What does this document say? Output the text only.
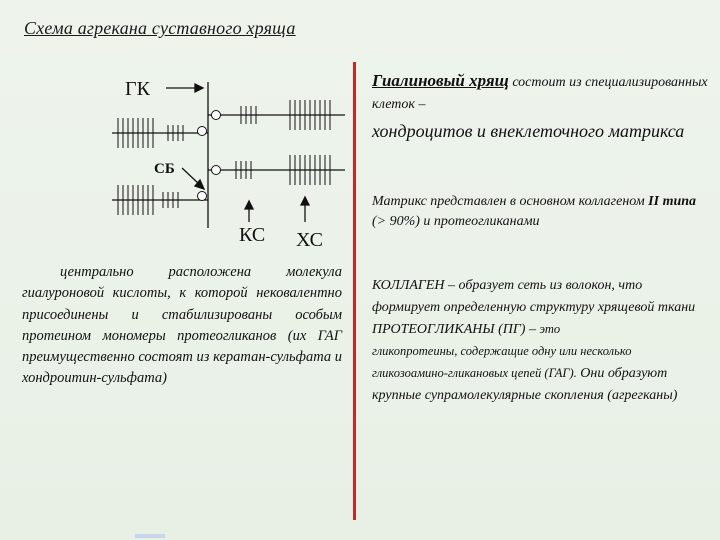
Схема агрекана суставного хряща
ГК
СБ
КС ХС

центрально расположена молекула гиалуроновой кислоты, к которой нековалентно присоединены и стабилизированы особым протеином мономеры протеогликанов (их ГАГ преимущественно состоят из кератан-сульфата и хондроитин-сульфата)

Гиалиновый хрящ состоит из специализированных клеток –
хондроцитов и внеклеточного матрикса

Матрикс представлен в основном коллагеном II типа (> 90%) и протеогликанами

КОЛЛАГЕН – образует сеть из волокон, что формирует определенную структуру хрящевой ткани
ПРОТЕОГЛИКАНЫ (ПГ) – это
гликопротеины, содержащие одну или несколько гликозоамино-гликановых цепей (ГАГ). Они образуют крупные супрамолекулярные скопления (агрегканы)
